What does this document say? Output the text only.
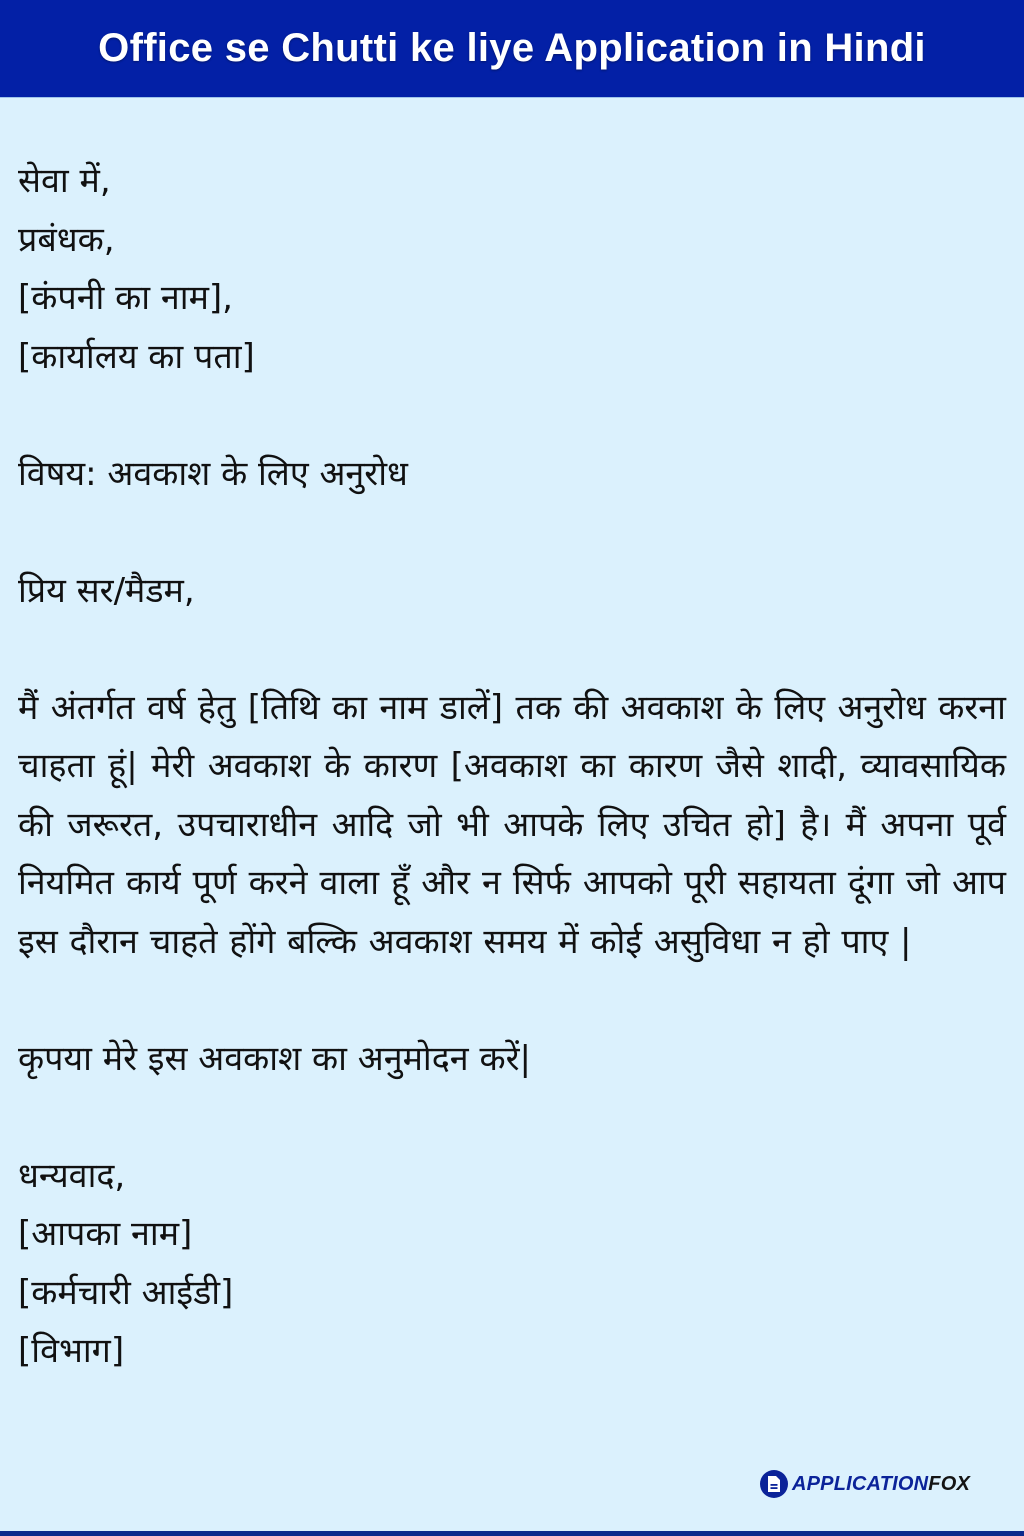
Office se Chutti ke liye Application in Hindi
सेवा में,
प्रबंधक,
[कंपनी का नाम],
[कार्यालय का पता]
विषय: अवकाश के लिए अनुरोध
प्रिय सर/मैडम,
मैं अंतर्गत वर्ष हेतु [तिथि का नाम डालें] तक की अवकाश के लिए अनुरोध करना चाहता हूं| मेरी अवकाश के कारण [अवकाश का कारण जैसे शादी, व्यावसायिक की जरूरत, उपचाराधीन आदि जो भी आपके लिए उचित हो] है। मैं अपना पूर्व नियमित कार्य पूर्ण करने वाला हूँ और न सिर्फ आपको पूरी सहायता दूंगा जो आप इस दौरान चाहते होंगे बल्कि अवकाश समय में कोई असुविधा न हो पाए |
कृपया मेरे इस अवकाश का अनुमोदन करें|
धन्यवाद,
[आपका नाम]
[कर्मचारी आईडी]
[विभाग]
APPLICATIONFOX
